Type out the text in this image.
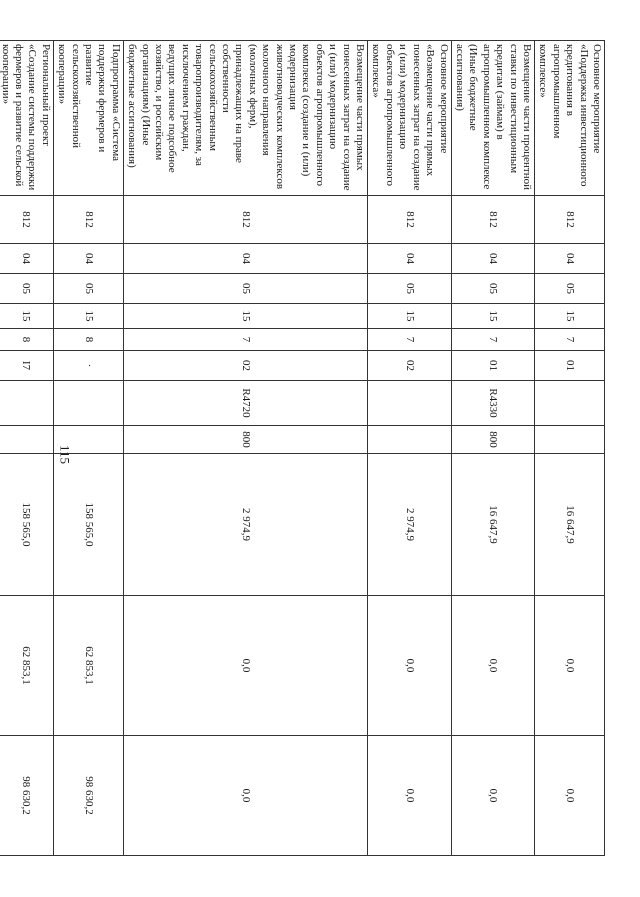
115
Основное мероприятие «Поддержка инвестиционного кредитования в агропромышленном комплексе»	812	04	05	15	7	01			16 647,9	0,0	0,0
Возмещение части процентной ставки по инвестиционным кредитам (займам) в агропромышленном комплексе (Иные бюджетные ассигнования)	812	04	05	15	7	01	R4330	800	16 647,9	0,0	0,0
Основное мероприятие «Возмещение части прямых понесенных затрат на создание и (или) модернизацию объектов агропромышленного комплекса»	812	04	05	15	7	02			2 974,9	0,0	0,0
Возмещение части прямых понесенных затрат на создание и (или) модернизацию объектов агропромышленного комплекса (создание и (или) модернизация животноводческих комплексов молочного направления (молочных ферм), принадлежащих на праве собственности сельскохозяйственным товаропроизводителям, за исключением граждан, ведущих личное подсобное хозяйство, и российским организациям) (Иные бюджетные ассигнования)	812	04	05	15	7	02	R4720	800	2 974,9	0,0	0,0
Подпрограмма «Система поддержки фермеров и развитие сельскохозяйственной кооперации»	812	04	05	15	8	·			158 565,0	62 853,1	98 630,2
Региональный проект «Создание системы поддержки фермеров и развитие сельской кооперации»	812	04	05	15	8	I7			158 565,0	62 853,1	98 630,2
